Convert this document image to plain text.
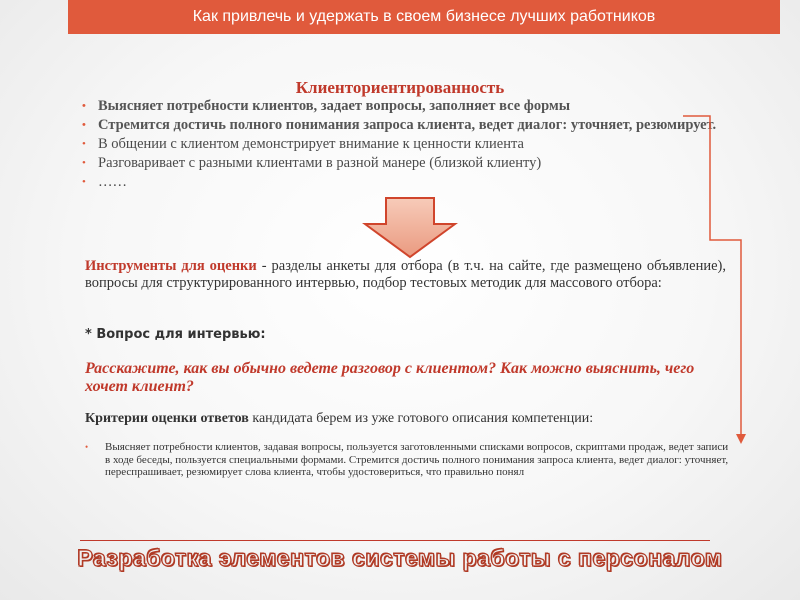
Как привлечь и удержать в своем бизнесе лучших работников
Клиенториентированность
• Выясняет потребности клиентов, задает вопросы, заполняет все формы
• Стремится достичь полного понимания запроса клиента, ведет диалог: уточняет, резюмирует.
• В общении с клиентом демонстрирует внимание к ценности клиента
• Разговаривает с разными клиентами в разной манере (близкой клиенту)
• ……
Инструменты для оценки - разделы анкеты для отбора (в т.ч. на сайте, где размещено объявление), вопросы для структурированного интервью, подбор тестовых методик для массового отбора:
* Вопрос для интервью:
Расскажите, как вы обычно ведете разговор с клиентом? Как можно выяснить, чего хочет клиент?
Критерии оценки ответов кандидата берем из уже готового описания компетенции:
• Выясняет потребности клиентов, задавая вопросы, пользуется заготовленными списками вопросов, скриптами продаж, ведет записи в ходе беседы, пользуется специальными формами. Стремится достичь полного понимания запроса клиента, ведет диалог: уточняет, переспрашивает, резюмирует слова клиента, чтобы удостовериться, что правильно понял
Разработка элементов системы работы с персоналом
